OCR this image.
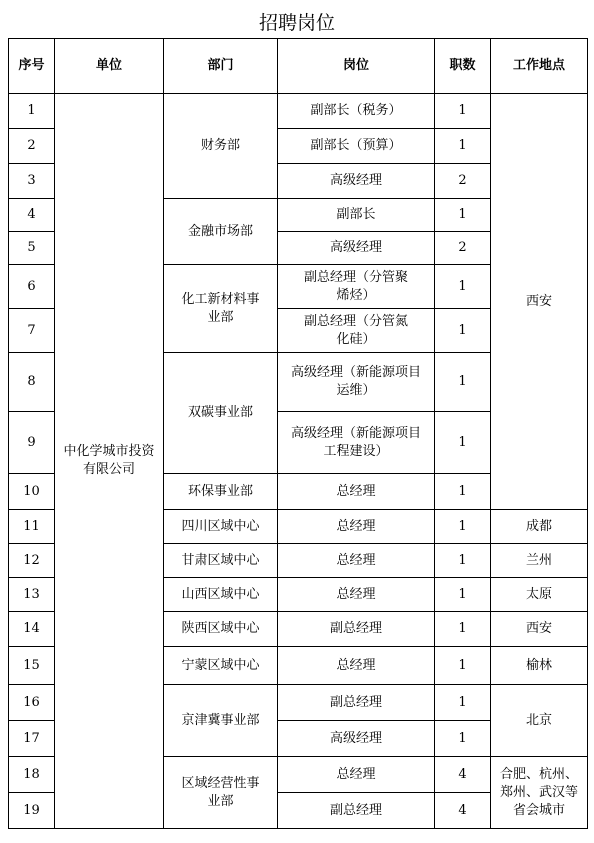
招聘岗位
序号	单位	部门	岗位	职数	工作地点
1	中化学城市投资有限公司	财务部	副部长（税务）	1	西安
2			副部长（预算）	1	
3			高级经理	2	
4		金融市场部	副部长	1	
5			高级经理	2	
6		化工新材料事业部	副总经理（分管聚烯烃）	1	
7			副总经理（分管氮化硅）	1	
8		双碳事业部	高级经理（新能源项目运维）	1	
9			高级经理（新能源项目工程建设）	1	
10		环保事业部	总经理	1	
11		四川区域中心	总经理	1	成都
12		甘肃区域中心	总经理	1	兰州
13		山西区域中心	总经理	1	太原
14		陕西区域中心	副总经理	1	西安
15		宁蒙区域中心	总经理	1	榆林
16		京津冀事业部	副总经理	1	北京
17			高级经理	1	
18		区域经营性事业部	总经理	4	合肥、杭州、郑州、武汉等省会城市
19			副总经理	4	
